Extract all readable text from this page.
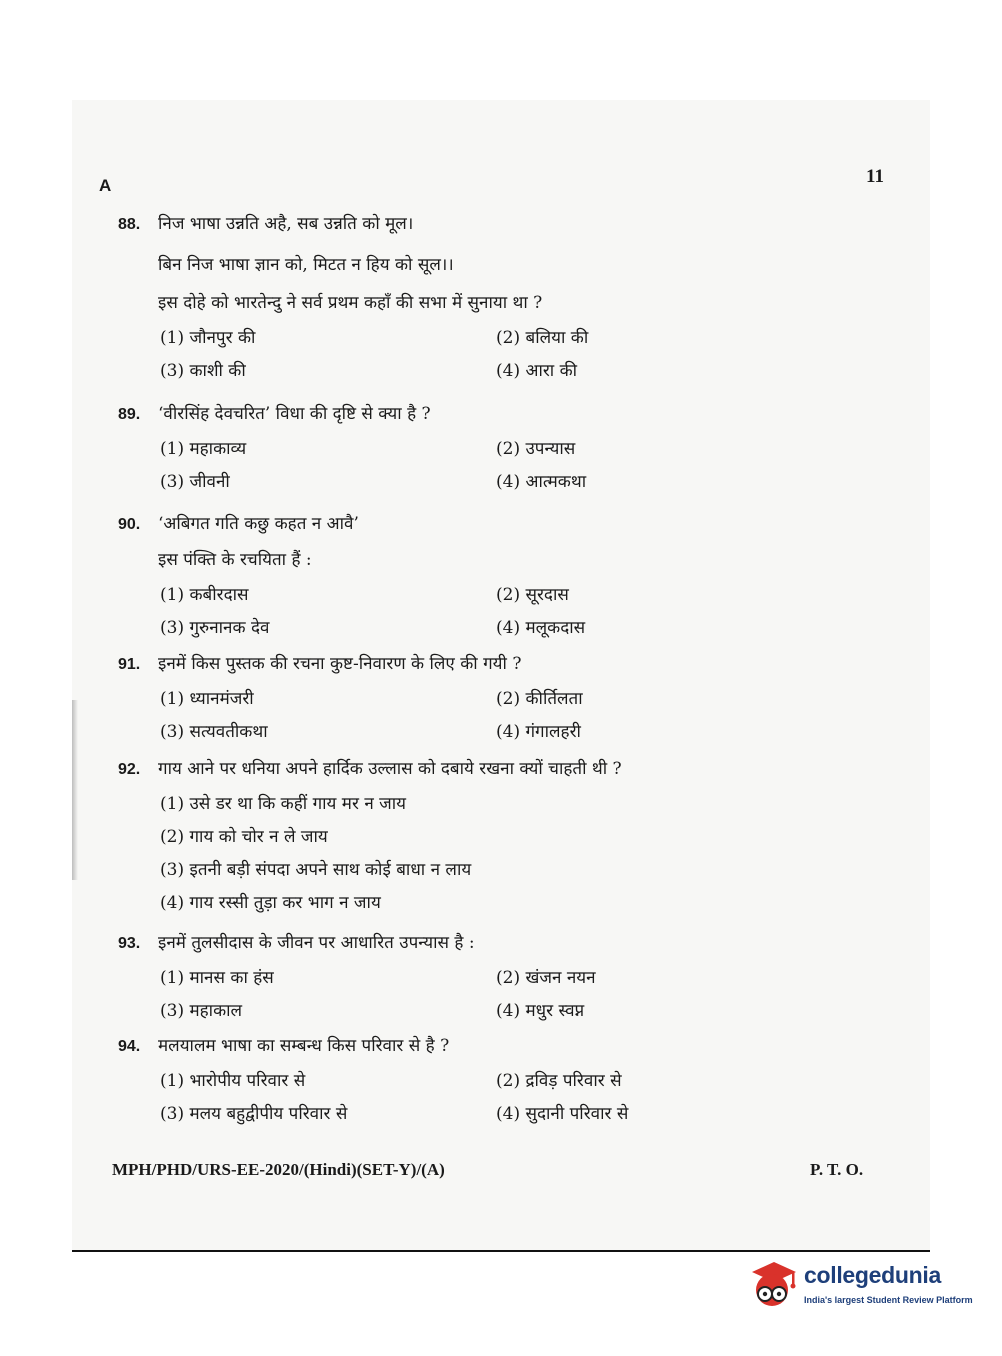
A	11
88.	निज भाषा उन्नति अहै, सब उन्नति को मूल।
बिन निज भाषा ज्ञान को, मिटत न हिय को सूल।।
इस दोहे को भारतेन्दु ने सर्व प्रथम कहाँ की सभा में सुनाया था ?
(1) जौनपुर की	(2) बलिया की
(3) काशी की	(4) आरा की
89.	‘वीरसिंह देवचरित’ विधा की दृष्टि से क्या है ?
(1) महाकाव्य	(2) उपन्यास
(3) जीवनी	(4) आत्मकथा
90.	‘अबिगत गति कछु कहत न आवै’
इस पंक्ति के रचयिता हैं :
(1) कबीरदास	(2) सूरदास
(3) गुरुनानक देव	(4) मलूकदास
91.	इनमें किस पुस्तक की रचना कुष्ट-निवारण के लिए की गयी ?
(1) ध्यानमंजरी	(2) कीर्तिलता
(3) सत्यवतीकथा	(4) गंगालहरी
92.	गाय आने पर धनिया अपने हार्दिक उल्लास को दबाये रखना क्यों चाहती थी ?
(1) उसे डर था कि कहीं गाय मर न जाय
(2) गाय को चोर न ले जाय
(3) इतनी बड़ी संपदा अपने साथ कोई बाधा न लाय
(4) गाय रस्सी तुड़ा कर भाग न जाय
93.	इनमें तुलसीदास के जीवन पर आधारित उपन्यास है :
(1) मानस का हंस	(2) खंजन नयन
(3) महाकाल	(4) मधुर स्वप्न
94.	मलयालम भाषा का सम्बन्ध किस परिवार से है ?
(1) भारोपीय परिवार से	(2) द्रविड़ परिवार से
(3) मलय बहुद्वीपीय परिवार से	(4) सुदानी परिवार से
MPH/PHD/URS-EE-2020/(Hindi)(SET-Y)/(A)	P. T. O.
collegedunia
India's largest Student Review Platform
